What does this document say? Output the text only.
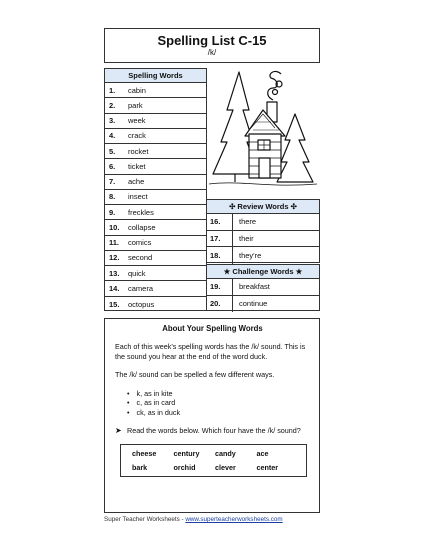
Spelling List C-15
/k/
Spelling Words
1.	cabin
2.	park
3.	week
4.	crack
5.	rocket
6.	ticket
7.	ache
8.	insect
9.	freckles
10.	collapse
11.	comics
12.	second
13.	quick
14.	camera
15.	octopus
✣ Review Words ✣
16.	there
17.	their
18.	they're
★ Challenge Words ★
19.	breakfast
20.	continue
About Your Spelling Words
Each of this week's spelling words has the /k/ sound. This is the sound you hear at the end of the word duck.
The /k/ sound can be spelled a few different ways.
• k, as in kite
• c, as in card
• ck, as in duck
➤ Read the words below. Which four have the /k/ sound?
cheese	century	candy	ace
bark	orchid	clever	center
Super Teacher Worksheets - www.superteacherworksheets.com
